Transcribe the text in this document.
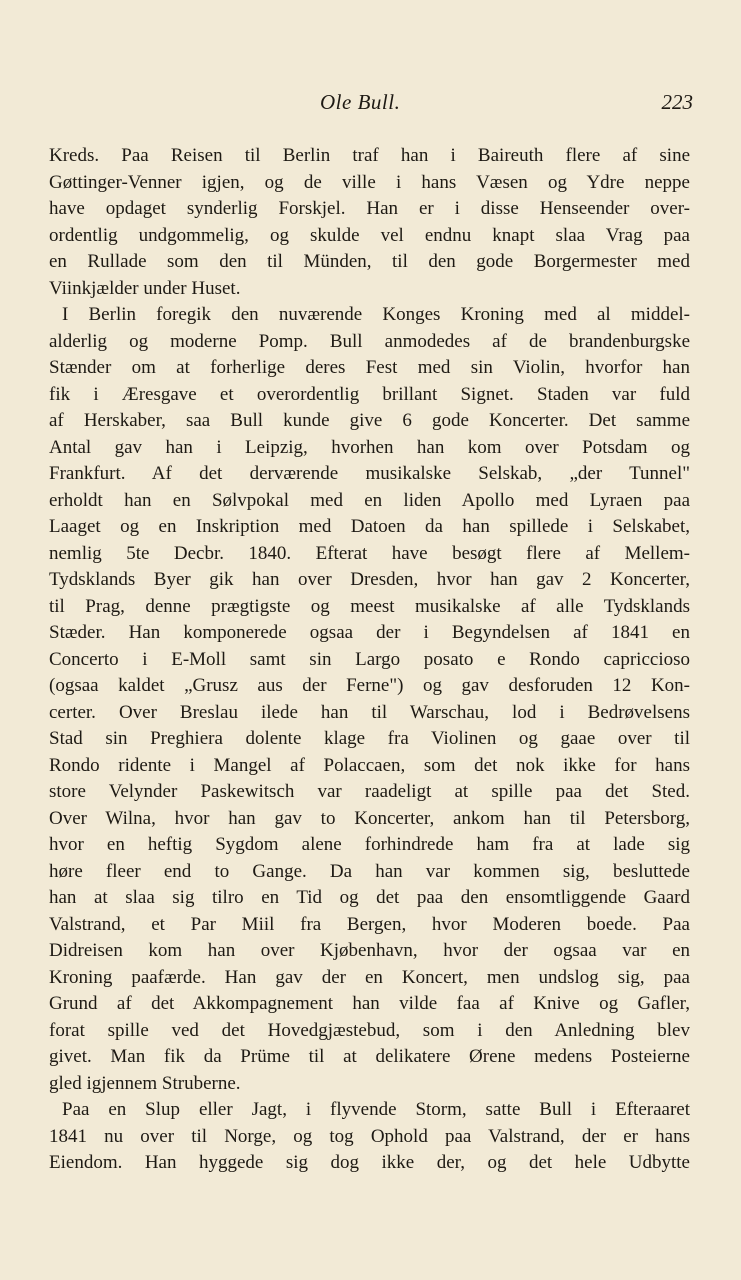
Ole Bull.	223
Kreds. Paa Reisen til Berlin traf han i Baireuth flere af sine
Gøttinger-Venner igjen, og de ville i hans Væsen og Ydre neppe
have opdaget synderlig Forskjel. Han er i disse Henseender over-
ordentlig undgommelig, og skulde vel endnu knapt slaa Vrag paa
en Rullade som den til Münden, til den gode Borgermester med
Viinkjælder under Huset.
I Berlin foregik den nuværende Konges Kroning med al middel-
alderlig og moderne Pomp. Bull anmodedes af de brandenburgske
Stænder om at forherlige deres Fest med sin Violin, hvorfor han
fik i Æresgave et overordentlig brillant Signet. Staden var fuld
af Herskaber, saa Bull kunde give 6 gode Koncerter. Det samme
Antal gav han i Leipzig, hvorhen han kom over Potsdam og
Frankfurt. Af det derværende musikalske Selskab, „der Tunnel"
erholdt han en Sølvpokal med en liden Apollo med Lyraen paa
Laaget og en Inskription med Datoen da han spillede i Selskabet,
nemlig 5te Decbr. 1840. Efterat have besøgt flere af Mellem-
Tydsklands Byer gik han over Dresden, hvor han gav 2 Koncerter,
til Prag, denne prægtigste og meest musikalske af alle Tydsklands
Stæder. Han komponerede ogsaa der i Begyndelsen af 1841 en
Concerto i E-Moll samt sin Largo posato e Rondo capriccioso
(ogsaa kaldet „Grusz aus der Ferne") og gav desforuden 12 Kon-
certer. Over Breslau ilede han til Warschau, lod i Bedrøvelsens
Stad sin Preghiera dolente klage fra Violinen og gaae over til
Rondo ridente i Mangel af Polaccaen, som det nok ikke for hans
store Velynder Paskewitsch var raadeligt at spille paa det Sted.
Over Wilna, hvor han gav to Koncerter, ankom han til Petersborg,
hvor en heftig Sygdom alene forhindrede ham fra at lade sig
høre fleer end to Gange. Da han var kommen sig, besluttede
han at slaa sig tilro en Tid og det paa den ensomtliggende Gaard
Valstrand, et Par Miil fra Bergen, hvor Moderen boede. Paa
Didreisen kom han over Kjøbenhavn, hvor der ogsaa var en
Kroning paafærde. Han gav der en Koncert, men undslog sig, paa
Grund af det Akkompagnement han vilde faa af Knive og Gafler,
forat spille ved det Hovedgjæstebud, som i den Anledning blev
givet. Man fik da Prüme til at delikatere Ørene medens Posteierne
gled igjennem Struberne.
Paa en Slup eller Jagt, i flyvende Storm, satte Bull i Efteraaret
1841 nu over til Norge, og tog Ophold paa Valstrand, der er hans
Eiendom. Han hyggede sig dog ikke der, og det hele Udbytte
